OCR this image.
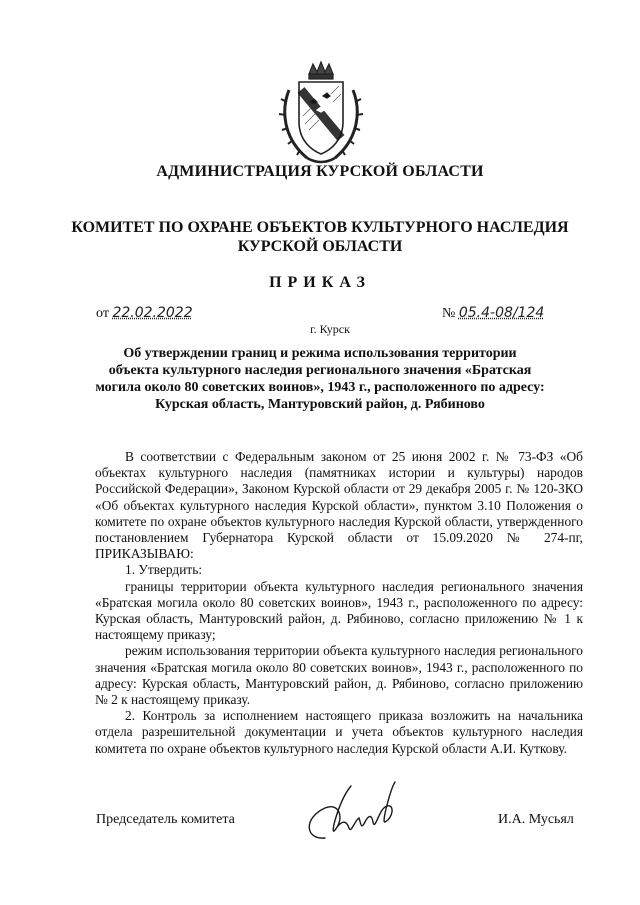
АДМИНИСТРАЦИЯ КУРСКОЙ ОБЛАСТИ
КОМИТЕТ ПО ОХРАНЕ ОБЪЕКТОВ КУЛЬТУРНОГО НАСЛЕДИЯ
КУРСКОЙ ОБЛАСТИ
ПРИКАЗ
от 22.02.2022	№ 05.4-08/124
г. Курск
Об утверждении границ и режима использования территории
объекта культурного наследия регионального значения «Братская
могила около 80 советских воинов», 1943 г., расположенного по адресу:
Курская область, Мантуровский район, д. Рябиново

В соответствии с Федеральным законом от 25 июня 2002 г. № 73-ФЗ «Об объектах культурного наследия (памятниках истории и культуры) народов Российской Федерации», Законом Курской области от 29 декабря 2005 г. № 120-ЗКО «Об объектах культурного наследия Курской области», пунктом 3.10 Положения о комитете по охране объектов культурного наследия Курской области, утвержденного постановлением Губернатора Курской области от 15.09.2020 № 274-пг, ПРИКАЗЫВАЮ:

1. Утвердить:

границы территории объекта культурного наследия регионального значения «Братская могила около 80 советских воинов», 1943 г., расположенного по адресу: Курская область, Мантуровский район, д. Рябиново, согласно приложению № 1 к настоящему приказу;

режим использования территории объекта культурного наследия регионального значения «Братская могила около 80 советских воинов», 1943 г., расположенного по адресу: Курская область, Мантуровский район, д. Рябиново, согласно приложению № 2 к настоящему приказу.

2. Контроль за исполнением настоящего приказа возложить на начальника отдела разрешительной документации и учета объектов культурного наследия комитета по охране объектов культурного наследия Курской области А.И. Куткову.

Председатель комитета	И.А. Мусьял
